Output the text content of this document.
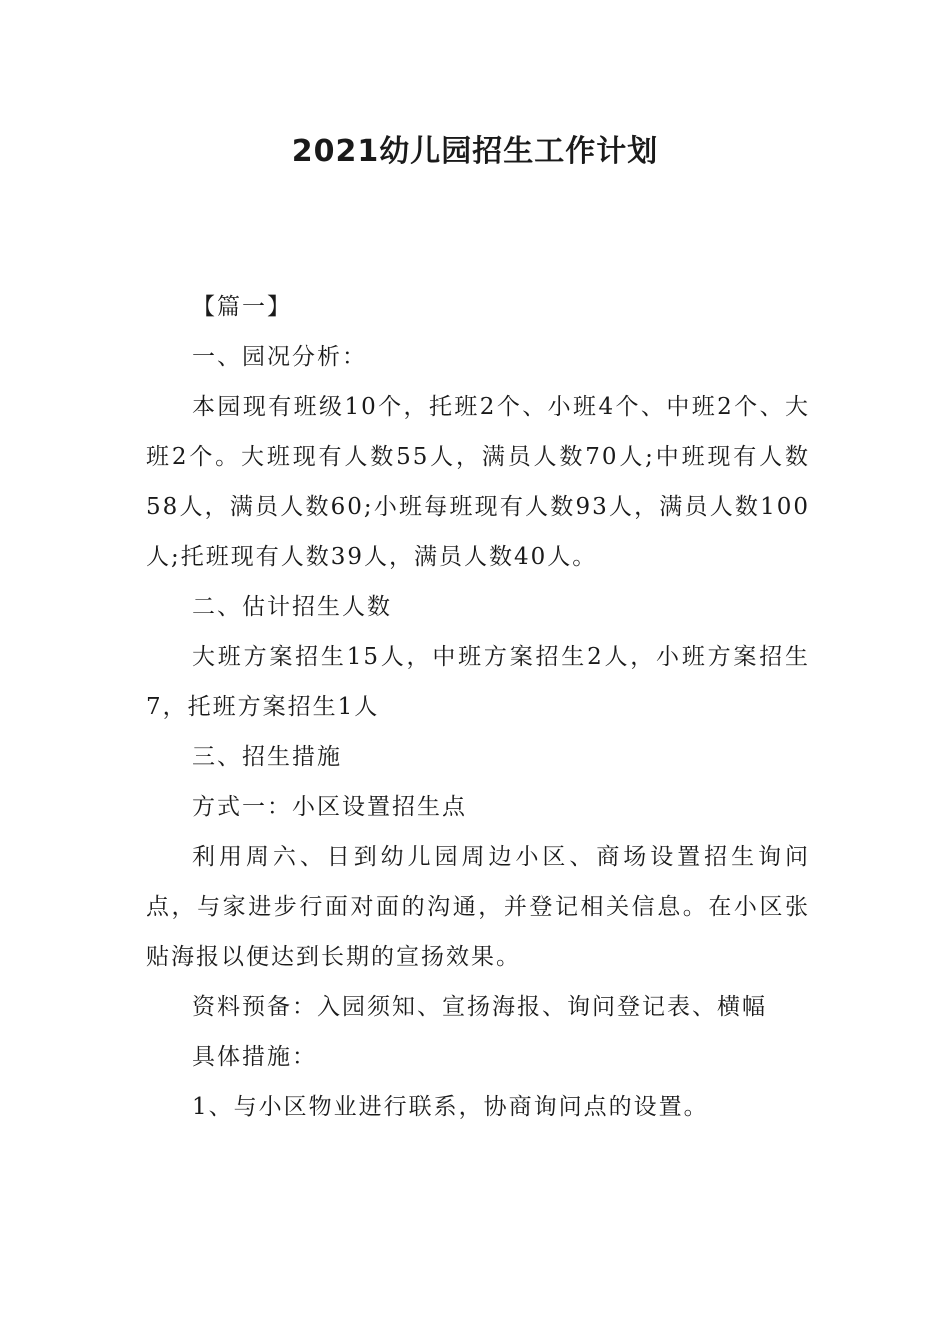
2021幼儿园招生工作计划

【篇一】

一、园况分析：

本园现有班级10个，托班2个、小班4个、中班2个、大班2个。大班现有人数55人，满员人数70人;中班现有人数58人，满员人数60;小班每班现有人数93人，满员人数100人;托班现有人数39人，满员人数40人。

二、估计招生人数

大班方案招生15人，中班方案招生2人，小班方案招生7，托班方案招生1人

三、招生措施

方式一：小区设置招生点

利用周六、日到幼儿园周边小区、商场设置招生询问点，与家进步行面对面的沟通，并登记相关信息。在小区张贴海报以便达到长期的宣扬效果。

资料预备：入园须知、宣扬海报、询问登记表、横幅

具体措施：

1、与小区物业进行联系，协商询问点的设置。
